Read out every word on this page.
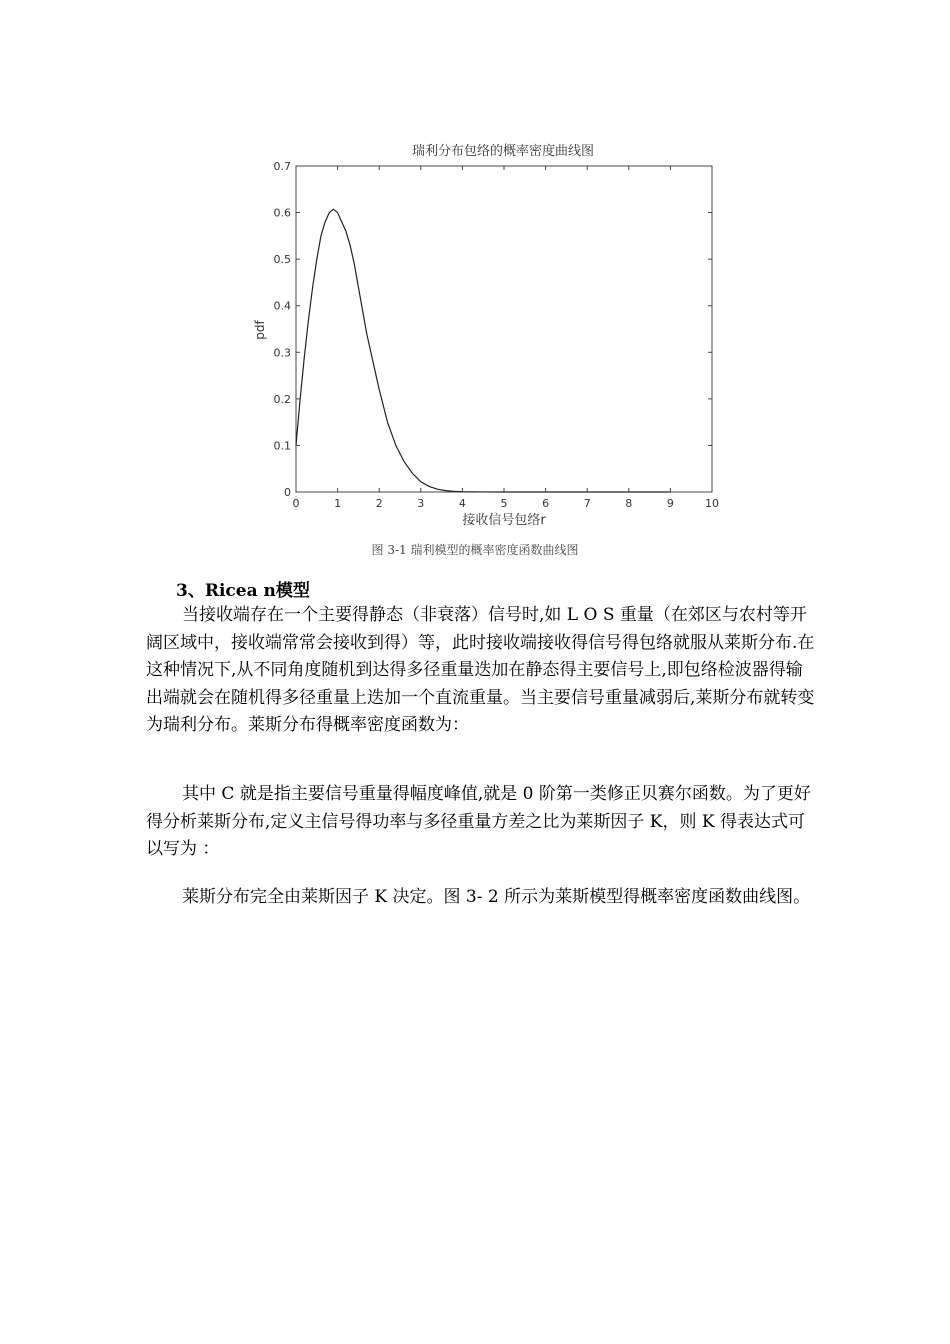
瑞利分布包络的概率密度曲线图
0	1	2	3	4	5	6	7	8	9	10
0
0.1
0.2
0.3
0.4
0.5
0.6
0.7
接收信号包络r
pdf
图 3-1 瑞利模型的概率密度函数曲线图
3、Ricea n模型

当接收端存在一个主要得静态（非衰落）信号时,如 L O S 重量（在郊区与农村等开阔区域中，接收端常常会接收到得）等，此时接收端接收得信号得包络就服从莱斯分布.在这种情况下,从不同角度随机到达得多径重量迭加在静态得主要信号上,即包络检波器得输出端就会在随机得多径重量上迭加一个直流重量。当主要信号重量减弱后,莱斯分布就转变为瑞利分布。莱斯分布得概率密度函数为：

其中 C 就是指主要信号重量得幅度峰值,就是 0 阶第一类修正贝赛尔函数。为了更好得分析莱斯分布,定义主信号得功率与多径重量方差之比为莱斯因子 K，则 K 得表达式可以写为 ：

莱斯分布完全由莱斯因子 K 决定。图 3- 2 所示为莱斯模型得概率密度函数曲线图。
